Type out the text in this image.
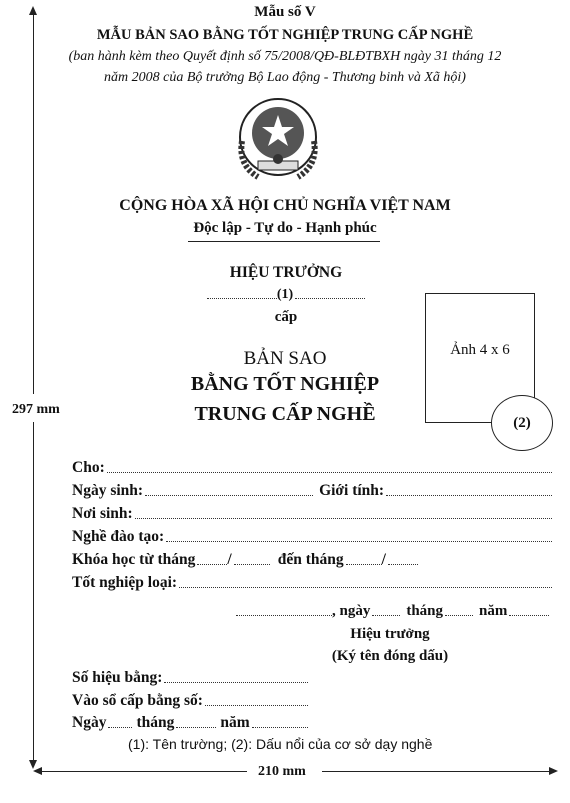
297 mm
210 mm
Mẫu số V
MẪU BẢN SAO BẰNG TỐT NGHIỆP TRUNG CẤP NGHỀ
(ban hành kèm theo Quyết định số 75/2008/QĐ-BLĐTBXH ngày 31 tháng 12
năm 2008 của Bộ trưởng Bộ Lao động - Thương binh và Xã hội)
CỘNG HÒA XÃ HỘI CHỦ NGHĨA VIỆT NAM
Độc lập - Tự do - Hạnh phúc
HIỆU TRƯỞNG
(1)
cấp
BẢN SAO
BẰNG TỐT NGHIỆP
TRUNG CẤP NGHỀ
Ảnh 4 x 6
(2)
Cho:
Ngày sinh:	Giới tính:
Nơi sinh:
Nghề đào tạo:
Khóa học từ tháng /	đến tháng /
Tốt nghiệp loại:
, ngày tháng năm
Hiệu trưởng
(Ký tên đóng dấu)
Số hiệu bằng:
Vào sổ cấp bằng số:
Ngày tháng	năm
(1): Tên trường; (2): Dấu nổi của cơ sở dạy nghề
